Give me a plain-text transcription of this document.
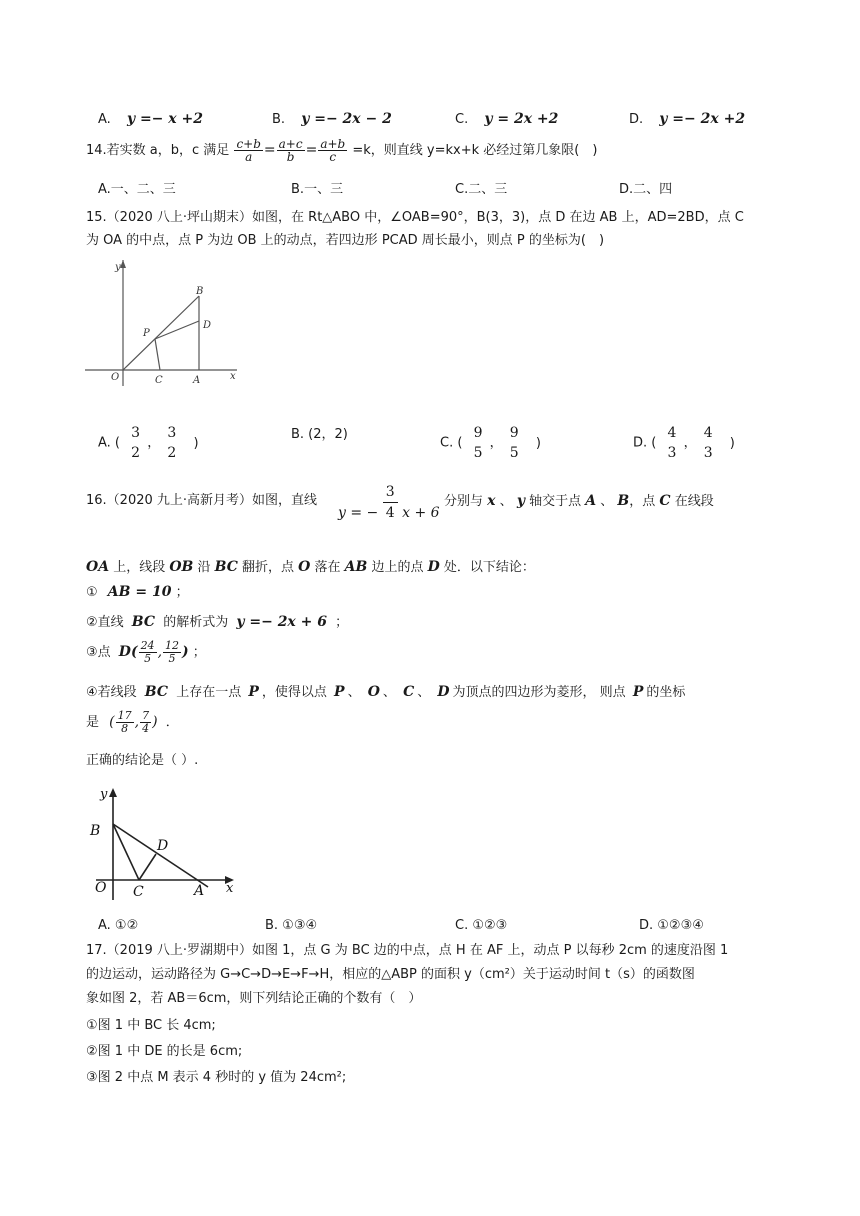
A. y =− x +2	B. y =− 2x − 2	C. y = 2x +2	D. y =− 2x +2
14.若实数 a，b，c 满足 $\frac{c+b}{a} = \frac{a+c}{b} = \frac{a+b}{c} =k$，则直线 y=kx+k 必经过第几象限(　)
A.一、二、三	B.一、三	C.二、三	D.二、四
15.（2020 八上·坪山期末）如图，在 Rt△ABO 中，∠OAB=90°，B(3，3)，点 D 在边 AB 上，AD=2BD，点 C
为 OA 的中点，点 P 为边 OB 上的动点，若四边形 PCAD 周长最小，则点 P 的坐标为(　)
y
x
O	C	A
B
D
P
A. (
3
2
，
3
2
)
B. (2，2)
C. (
9
5
，
9
5
)	D. (
4
3
，
4
3
)
16.（2020 九上·高新月考）如图，直线
y = − $\frac{3}{4}$ x + 6
分别与 x 、 y 轴交于点 A 、 B，点 C 在线段
OA 上，线段 OB 沿 BC 翻折，点 O 落在 AB 边上的点 D 处．以下结论：
① AB = 10 ；
②直线 BC 的解析式为 y =− 2x + 6 ；
③点 $D( \frac{24}{5}$ , $\frac{12}{5}$ ) ；
④若线段 BC 上存在一点 P ，使得以点 P 、 O 、 C 、 D 为顶点的四边形为菱形， 则点 P 的坐标
是 ( $\frac{17}{8}$ , $\frac{7}{4}$ ) ．
正确的结论是（ ）.
y
x
O C	A
B
D
A. ①②	B. ①③④	C. ①②③	D. ①②③④
17.（2019 八上·罗湖期中）如图 1，点 G 为 BC 边的中点，点 H 在 AF 上，动点 P 以每秒 2cm 的速度沿图 1
的边运动，运动路径为 G→C→D→E→F→H，相应的△ABP 的面积 y（cm²）关于运动时间 t（s）的函数图
象如图 2，若 AB＝6cm，则下列结论正确的个数有（　）
①图 1 中 BC 长 4cm;
②图 1 中 DE 的长是 6cm;
③图 2 中点 M 表示 4 秒时的 y 值为 24cm²;
